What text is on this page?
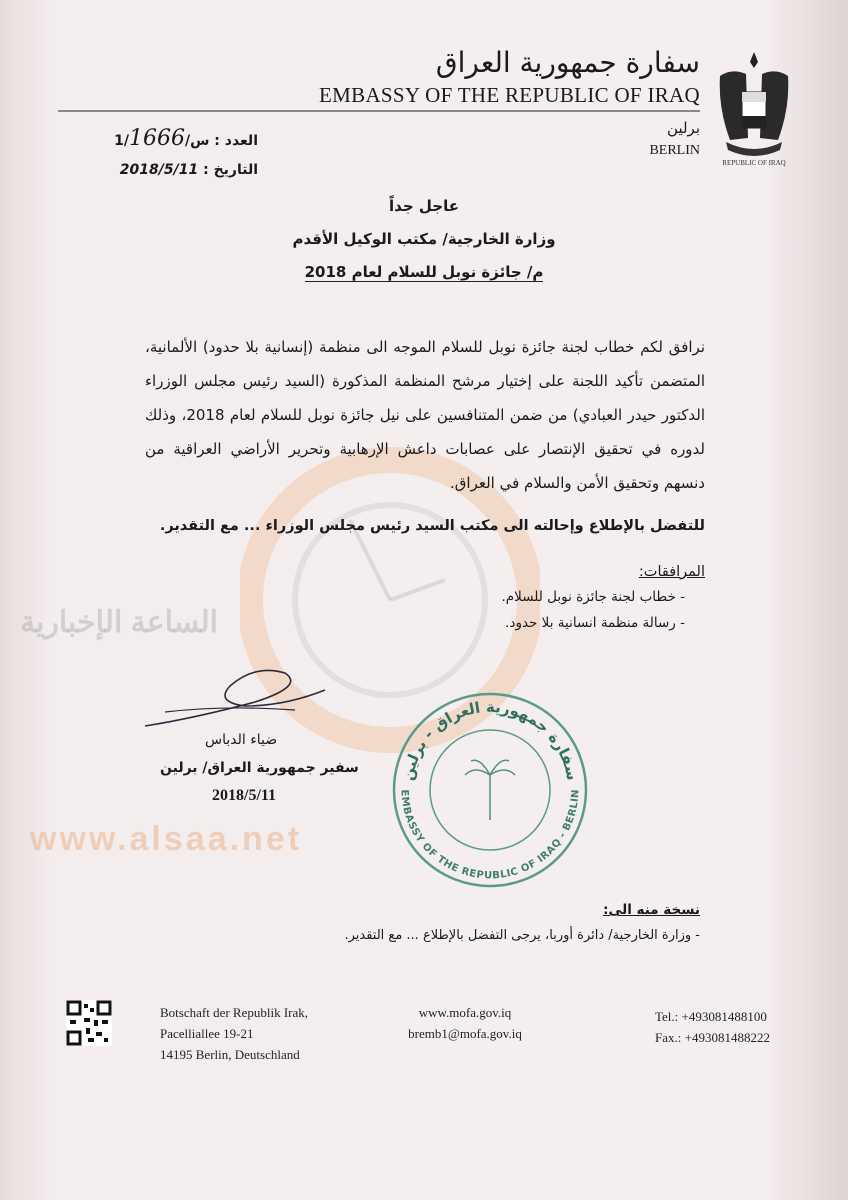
www.alsaa.net
الساعة الإخبارية
REPUBLIC OF IRAQ
سفارة جمهورية العراق
EMBASSY OF THE REPUBLIC OF IRAQ
برلين
BERLIN
العدد : س/1/1666
التاريخ : 2018/5/11
عاجل جداً
وزارة الخارجية/ مكتب الوكيل الأقدم
م/ جائزة نوبل للسلام لعام 2018
نرافق لكم خطاب لجنة جائزة نوبل للسلام الموجه الى منظمة (إنسانية بلا حدود) الألمانية، المتضمن تأكيد اللجنة على إختيار مرشح المنظمة المذكورة (السيد رئيس مجلس الوزراء الدكتور حيدر العبادي) من ضمن المتنافسين على نيل جائزة نوبل للسلام لعام 2018، وذلك لدوره في تحقيق الإنتصار على عصابات داعش الإرهابية وتحرير الأراضي العراقية من دنسهم وتحقيق الأمن والسلام في العراق.
للتفضل بالإطلاع وإحالته الى مكتب السيد رئيس مجلس الوزراء ... مع التقدير.
المرافقات:
- خطاب لجنة جائزة نوبل للسلام.
- رسالة منظمة انسانية بلا حدود.
ضياء الدباس
سفير جمهورية العراق/ برلين
2018/5/11	EMBASSY OF THE REPUBLIC OF IRAQ - BERLIN
سفارة جمهورية العراق - برلين
نسخة منه الى:
- وزارة الخارجية/ دائرة أوربا، يرجى التفضل بالإطلاع ... مع التقدير.
Botschaft der Republik Irak,
Pacelliallee 19-21
14195 Berlin, Deutschland
www.mofa.gov.iq
bremb1@mofa.gov.iq
Tel.: +493081488100
Fax.: +493081488222
